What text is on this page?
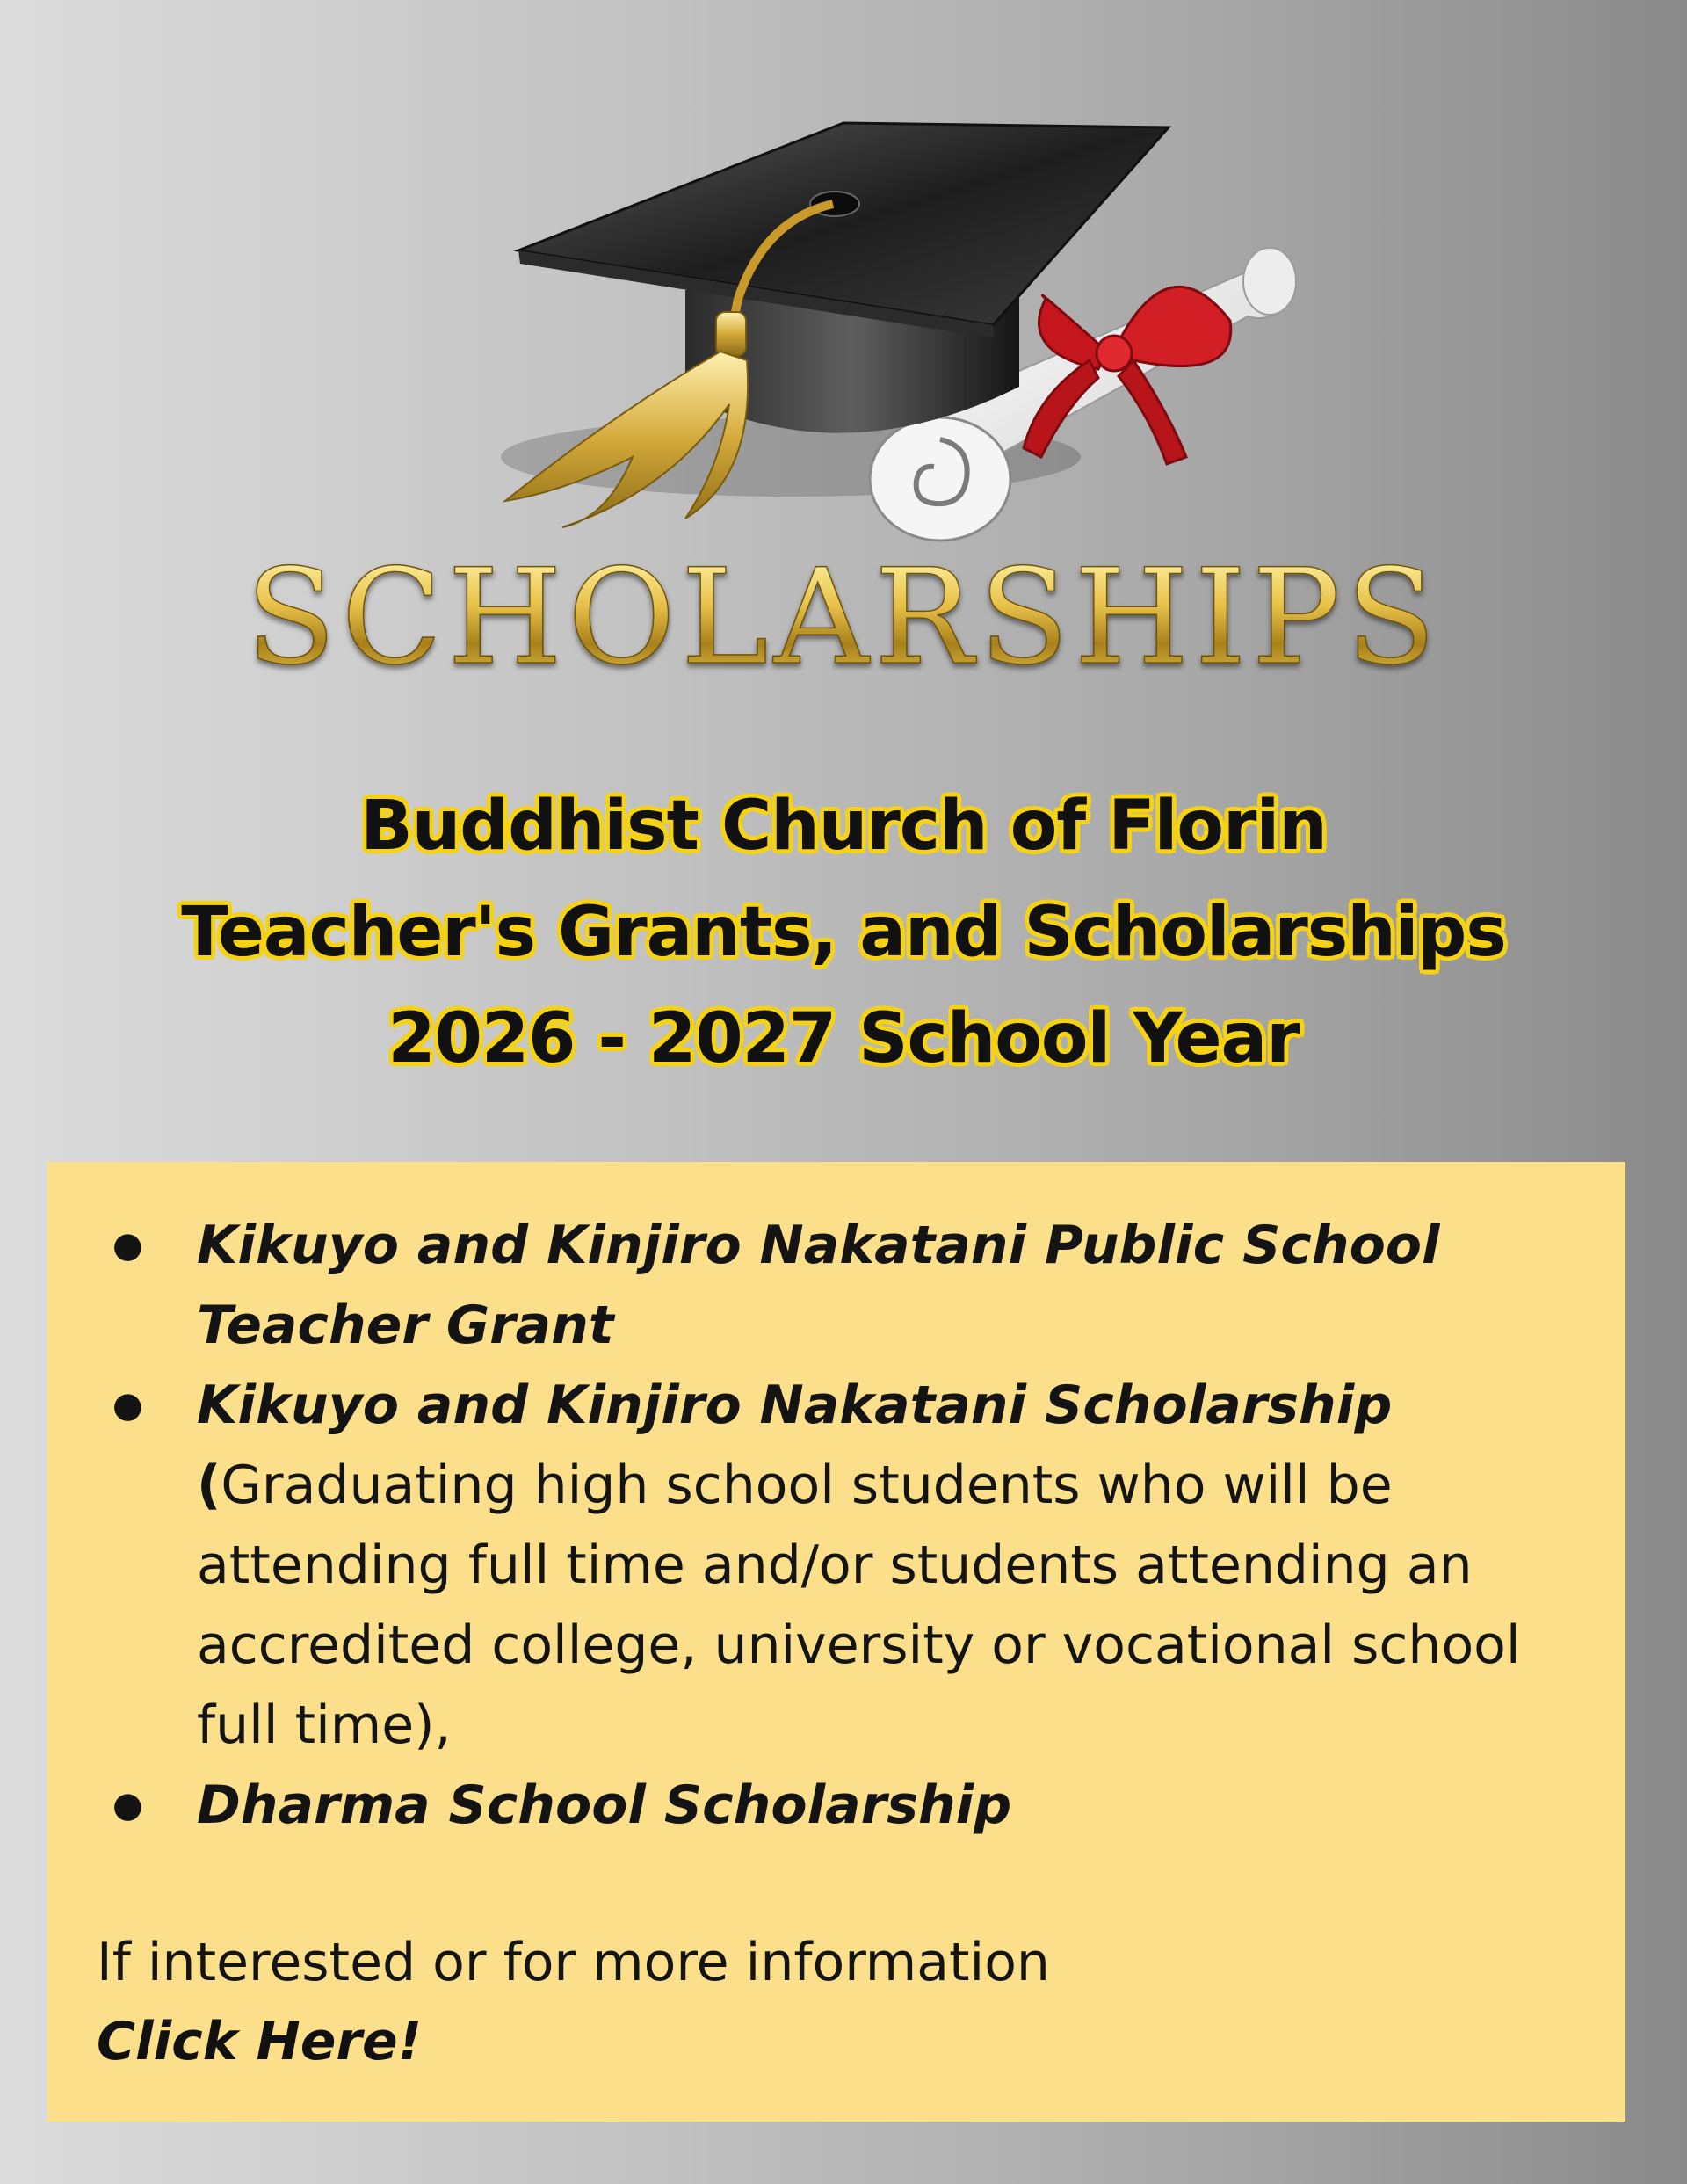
SCHOLARSHIPS
Buddhist Church of Florin
Teacher's Grants, and Scholarships
2026 - 2027 School Year
● Kikuyo and Kinjiro Nakatani Public School Teacher Grant
● Kikuyo and Kinjiro Nakatani Scholarship
(Graduating high school students who will be attending full time and/or students attending an accredited college, university or vocational school full time),
● Dharma School Scholarship
If interested or for more information
Click Here!
